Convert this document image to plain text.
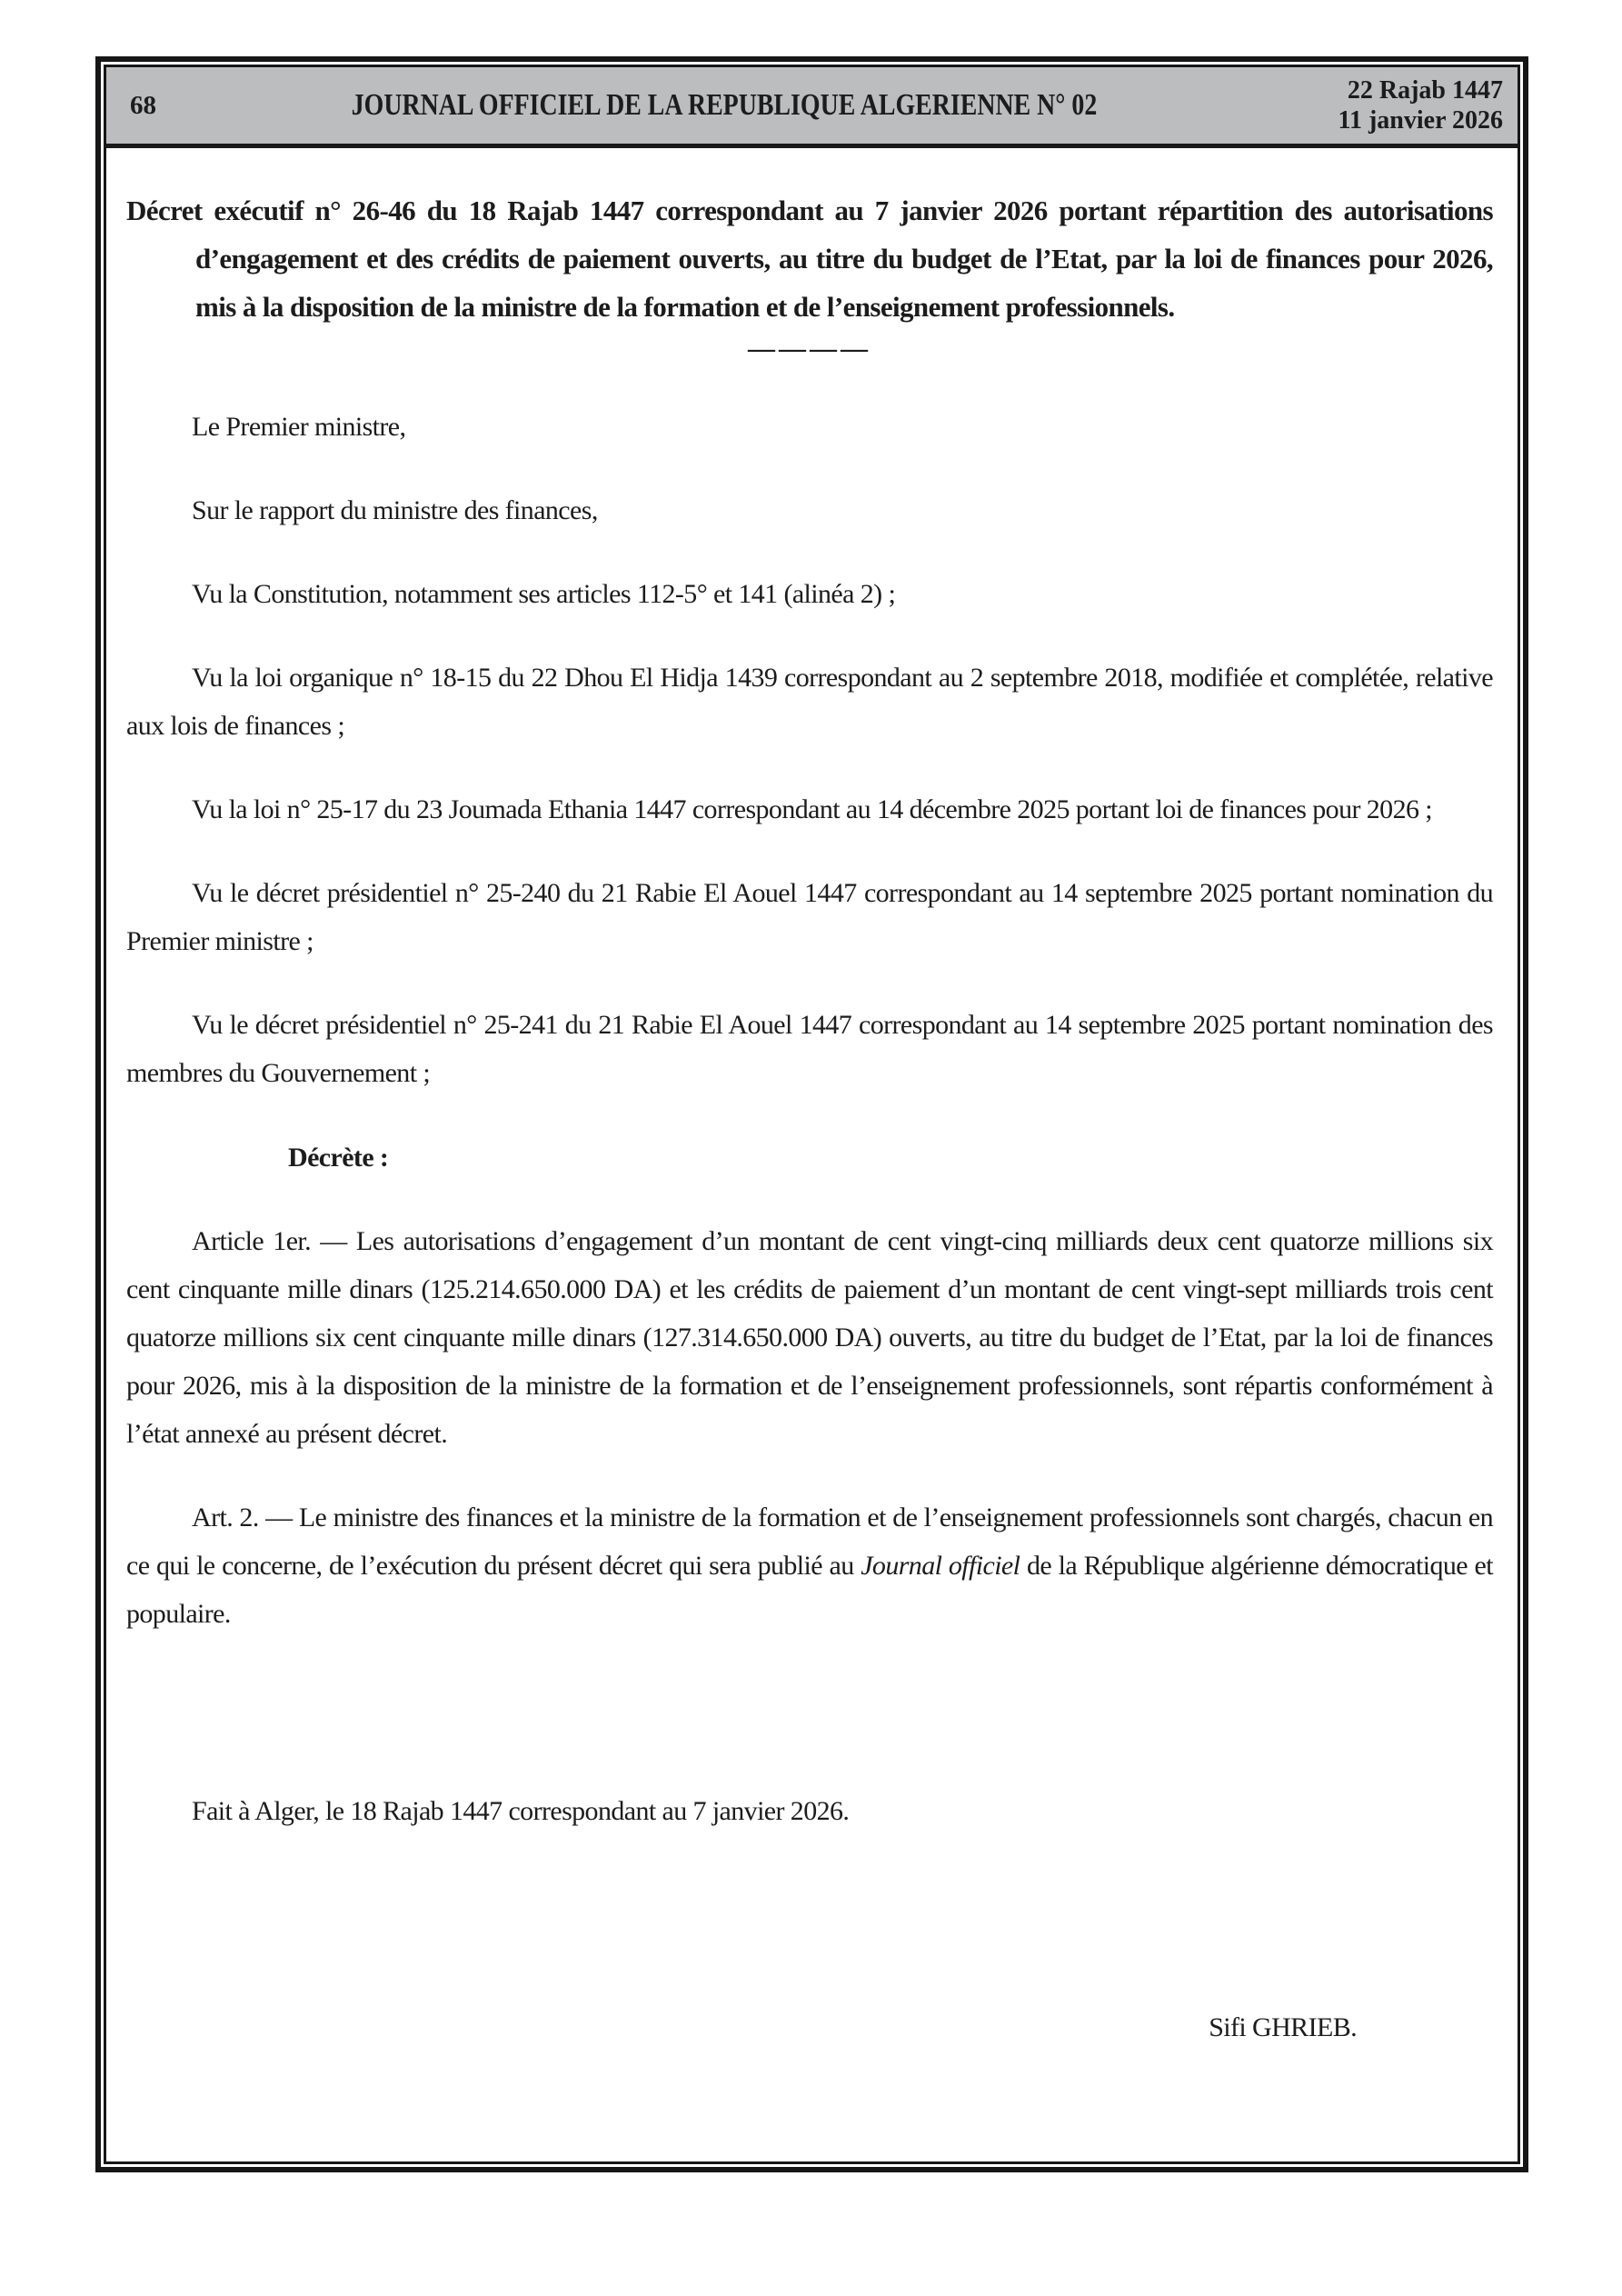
68	JOURNAL OFFICIEL DE LA REPUBLIQUE ALGERIENNE N° 02	22 Rajab 1447
11 janvier 2026
Décret exécutif n° 26-46 du 18 Rajab 1447 correspondant au 7 janvier 2026 portant répartition des autorisations d’engagement et des crédits de paiement ouverts, au titre du budget de l’Etat, par la loi de finances pour 2026, mis à la disposition de la ministre de la formation et de l’enseignement professionnels.
————

Le Premier ministre,

Sur le rapport du ministre des finances,

Vu la Constitution, notamment ses articles 112-5° et 141 (alinéa 2) ;

Vu la loi organique n° 18-15 du 22 Dhou El Hidja 1439 correspondant au 2 septembre 2018, modifiée et complétée, relative aux lois de finances ;

Vu la loi n° 25-17 du 23 Joumada Ethania 1447 correspondant au 14 décembre 2025 portant loi de finances pour 2026 ;

Vu le décret présidentiel n° 25-240 du 21 Rabie El Aouel 1447 correspondant au 14 septembre 2025 portant nomination du Premier ministre ;

Vu le décret présidentiel n° 25-241 du 21 Rabie El Aouel 1447 correspondant au 14 septembre 2025 portant nomination des membres du Gouvernement ;

Décrète :

Article 1er. — Les autorisations d’engagement d’un montant de cent vingt-cinq milliards deux cent quatorze millions six cent cinquante mille dinars (125.214.650.000 DA) et les crédits de paiement d’un montant de cent vingt-sept milliards trois cent quatorze millions six cent cinquante mille dinars (127.314.650.000 DA) ouverts, au titre du budget de l’Etat, par la loi de finances pour 2026, mis à la disposition de la ministre de la formation et de l’enseignement professionnels, sont répartis conformément à l’état annexé au présent décret.

Art. 2. — Le ministre des finances et la ministre de la formation et de l’enseignement professionnels sont chargés, chacun en ce qui le concerne, de l’exécution du présent décret qui sera publié au Journal officiel de la République algérienne démocratique et populaire.

Fait à Alger, le 18 Rajab 1447 correspondant au 7 janvier 2026.

Sifi GHRIEB.
